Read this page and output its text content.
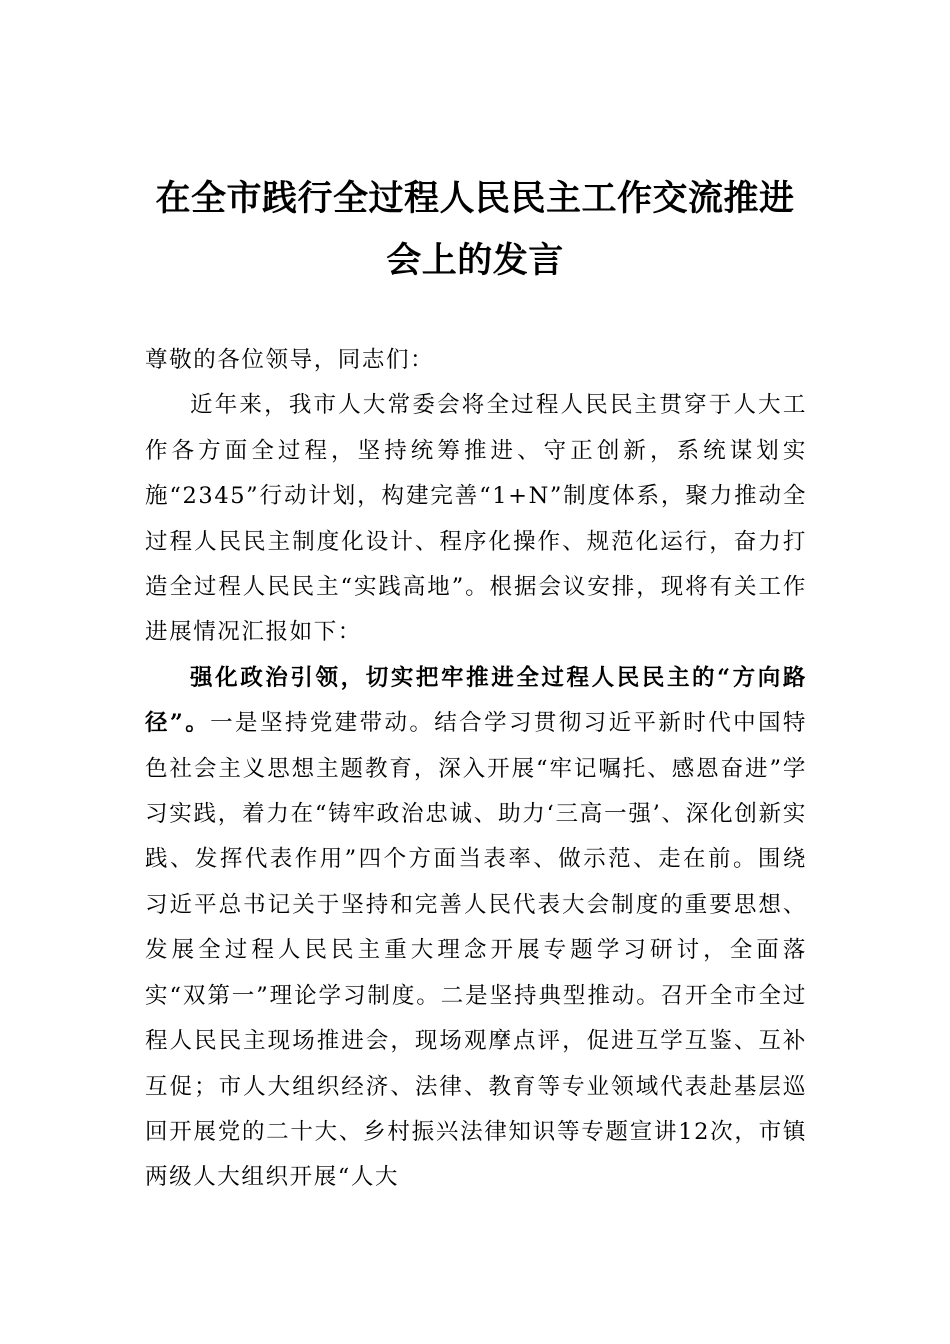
在全市践行全过程人民民主工作交流推进
会上的发言

尊敬的各位领导，同志们：

近年来，我市人大常委会将全过程人民民主贯穿于人大工作各方面全过程，坚持统筹推进、守正创新，系统谋划实施“2345”行动计划，构建完善“1+N”制度体系，聚力推动全过程人民民主制度化设计、程序化操作、规范化运行，奋力打造全过程人民民主“实践高地”。根据会议安排，现将有关工作进展情况汇报如下：

强化政治引领，切实把牢推进全过程人民民主的“方向路径”。一是坚持党建带动。结合学习贯彻习近平新时代中国特色社会主义思想主题教育，深入开展“牢记嘱托、感恩奋进”学习实践，着力在“铸牢政治忠诚、助力‘三高一强’、深化创新实践、发挥代表作用”四个方面当表率、做示范、走在前。围绕习近平总书记关于坚持和完善人民代表大会制度的重要思想、发展全过程人民民主重大理念开展专题学习研讨，全面落实“双第一”理论学习制度。二是坚持典型推动。召开全市全过程人民民主现场推进会，现场观摩点评，促进互学互鉴、互补互促；市人大组织经济、法律、教育等专业领域代表赴基层巡回开展党的二十大、乡村振兴法律知识等专题宣讲12次，市镇两级人大组织开展“人大
